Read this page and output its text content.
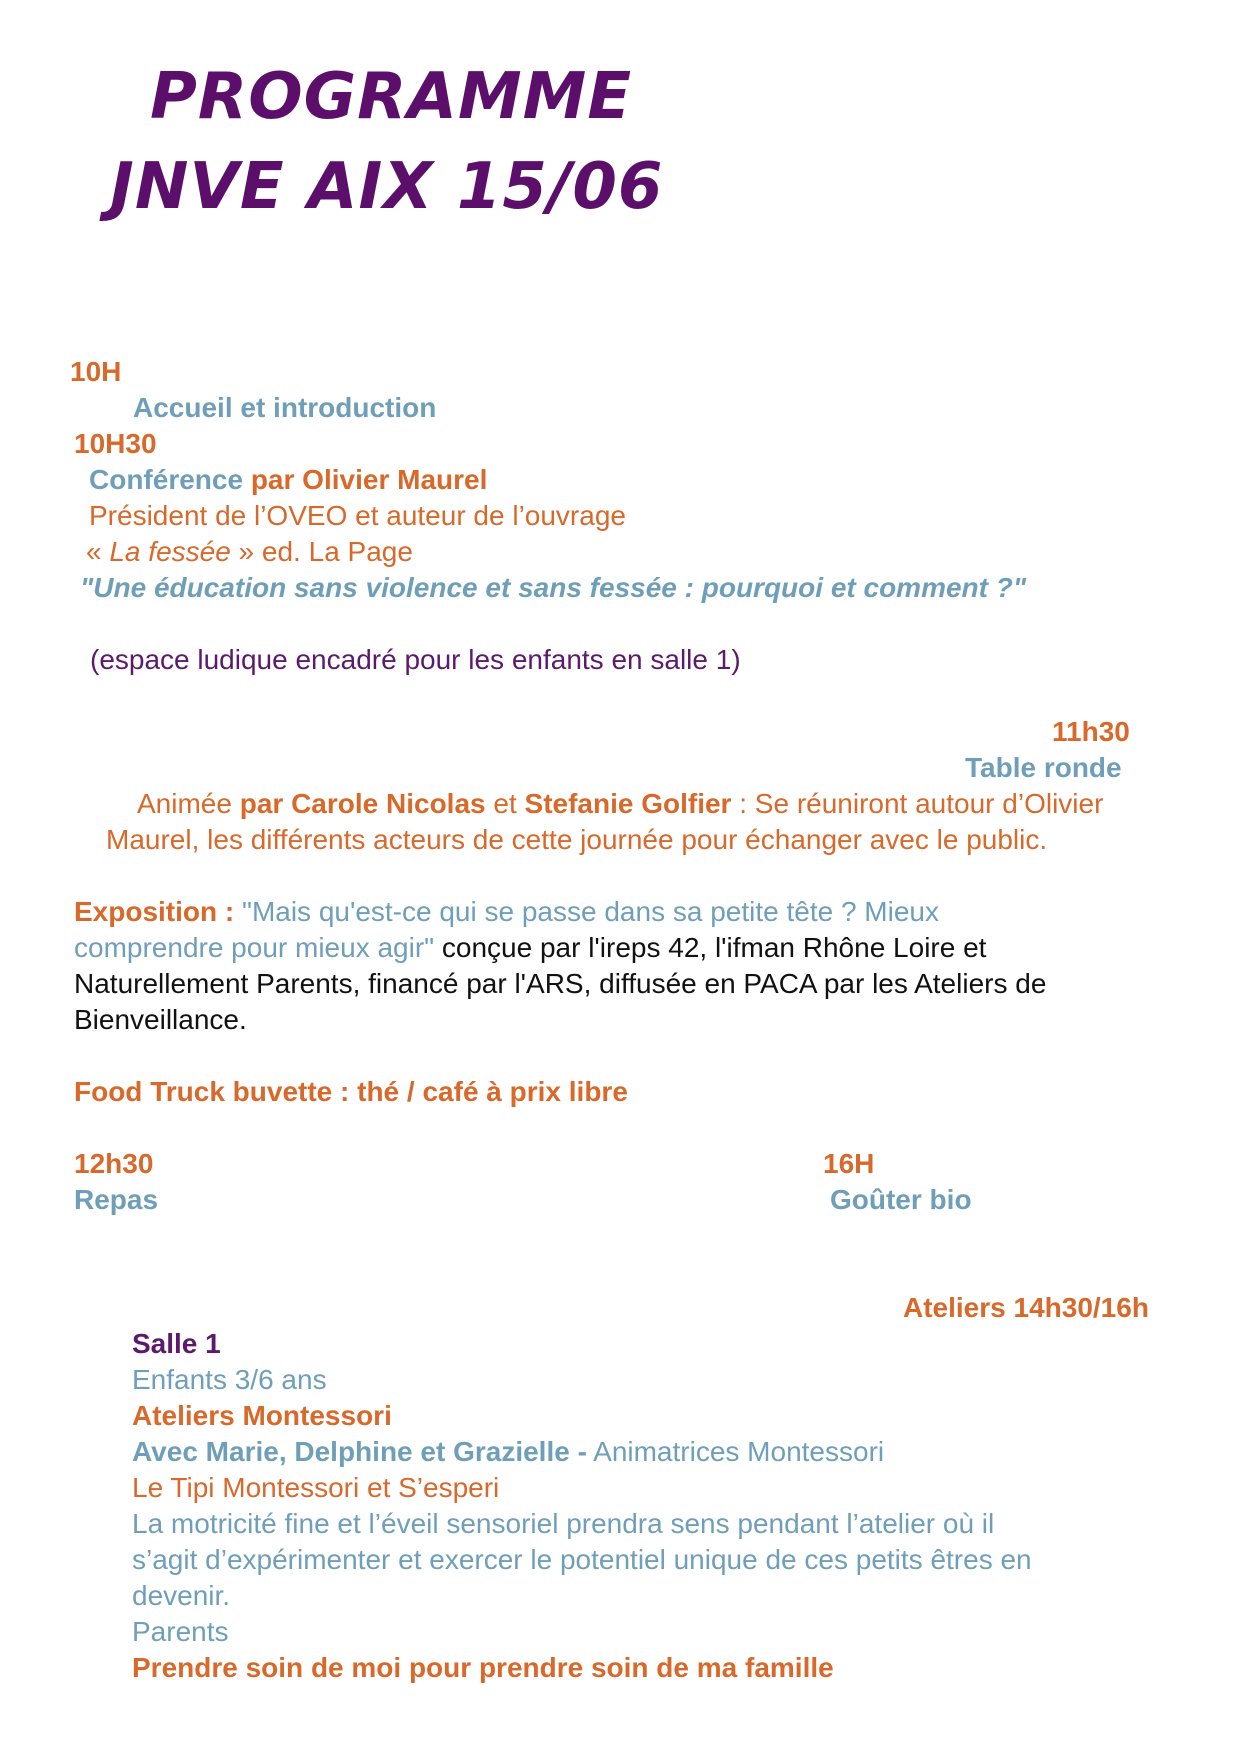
PROGRAMME
JNVE AIX 15/06
10H
Accueil et introduction
10H30
Conférence par Olivier Maurel
Président de l’OVEO et auteur de l’ouvrage
« La fessée » ed. La Page
"Une éducation sans violence et sans fessée : pourquoi et comment ?"
(espace ludique encadré pour les enfants en salle 1)
11h30
Table ronde
Animée par Carole Nicolas et Stefanie Golfier : Se réuniront autour d’Olivier
Maurel, les différents acteurs de cette journée pour échanger avec le public.
Exposition : "Mais qu'est-ce qui se passe dans sa petite tête ? Mieux
comprendre pour mieux agir" conçue par l'ireps 42, l'ifman Rhône Loire et
Naturellement Parents, financé par l'ARS, diffusée en PACA par les Ateliers de
Bienveillance.
Food Truck buvette : thé / café à prix libre
12h30
Repas
16H
Goûter bio
Ateliers 14h30/16h
Salle 1
Enfants 3/6 ans
Ateliers Montessori
Avec Marie, Delphine et Grazielle - Animatrices Montessori
Le Tipi Montessori et S’esperi
La motricité fine et l’éveil sensoriel prendra sens pendant l’atelier où il
s’agit d’expérimenter et exercer le potentiel unique de ces petits êtres en
devenir.
Parents
Prendre soin de moi pour prendre soin de ma famille
